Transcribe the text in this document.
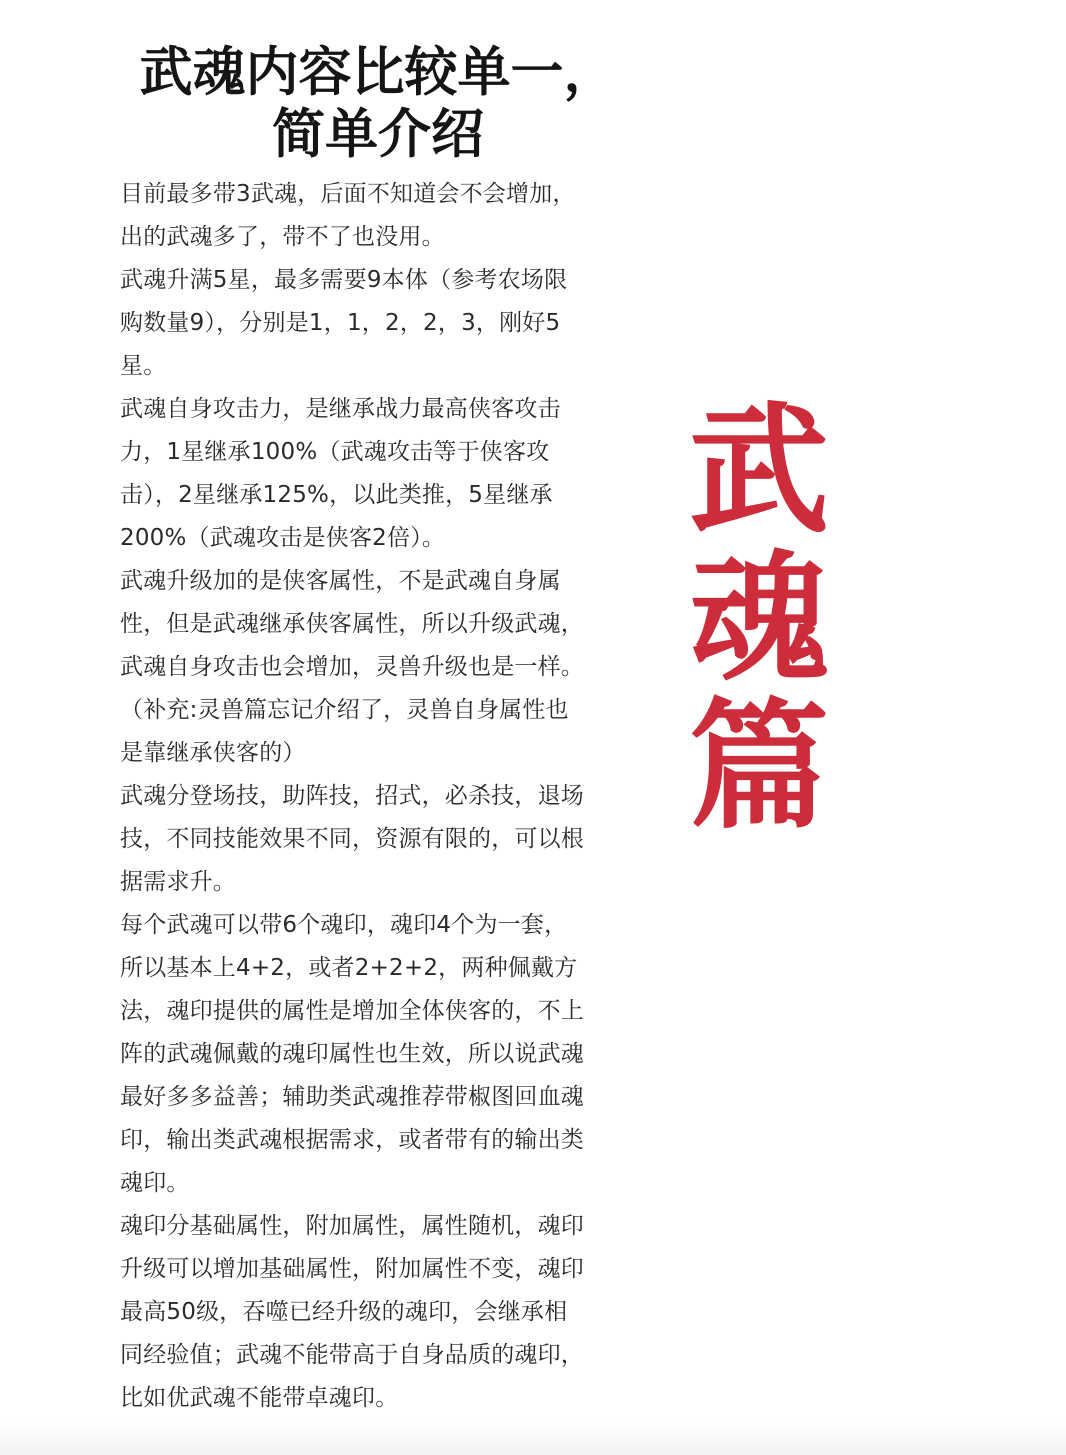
武魂内容比较单一，
简单介绍
目前最多带3武魂，后面不知道会不会增加，
出的武魂多了，带不了也没用。
武魂升满5星，最多需要9本体（参考农场限
购数量9），分别是1，1，2，2，3，刚好5
星。
武魂自身攻击力，是继承战力最高侠客攻击
力，1星继承100%（武魂攻击等于侠客攻
击），2星继承125%，以此类推，5星继承
200%（武魂攻击是侠客2倍）。
武魂升级加的是侠客属性，不是武魂自身属
性，但是武魂继承侠客属性，所以升级武魂，
武魂自身攻击也会增加，灵兽升级也是一样。
（补充:灵兽篇忘记介绍了，灵兽自身属性也
是靠继承侠客的）
武魂分登场技，助阵技，招式，必杀技，退场
技，不同技能效果不同，资源有限的，可以根
据需求升。
每个武魂可以带6个魂印，魂印4个为一套，
所以基本上4+2，或者2+2+2，两种佩戴方
法，魂印提供的属性是增加全体侠客的，不上
阵的武魂佩戴的魂印属性也生效，所以说武魂
最好多多益善；辅助类武魂推荐带椒图回血魂
印，输出类武魂根据需求，或者带有的输出类
魂印。
魂印分基础属性，附加属性，属性随机，魂印
升级可以增加基础属性，附加属性不变，魂印
最高50级，吞噬已经升级的魂印，会继承相
同经验值；武魂不能带高于自身品质的魂印，
比如优武魂不能带卓魂印。
武
魂
篇
